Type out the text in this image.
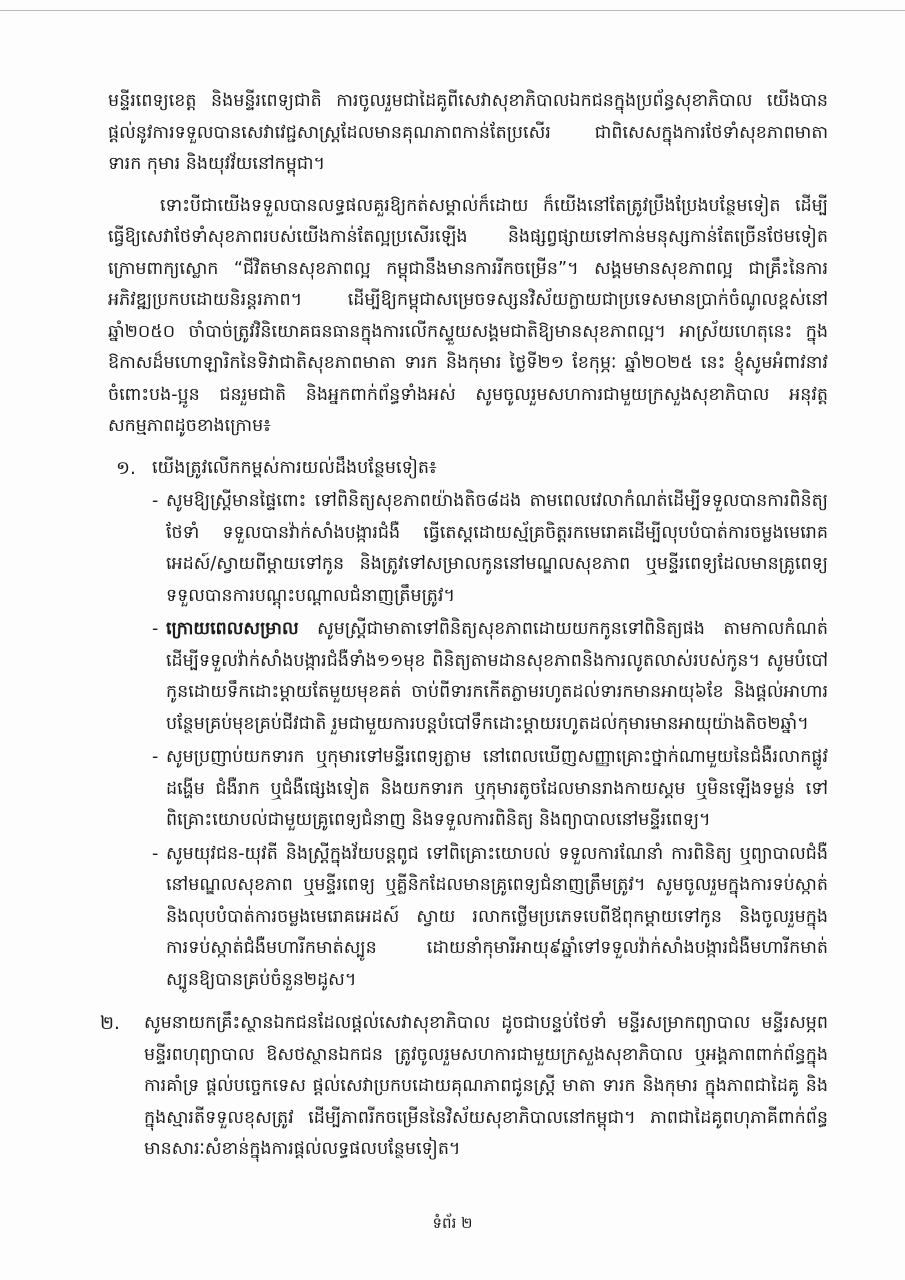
មន្ទីរពេទ្យខេត្ត និងមន្ទីរពេទ្យជាតិ ការចូលរួមជាដៃគូពីសេវាសុខាភិបាលឯកជនក្នុងប្រព័ន្ធសុខាភិបាល យើងបានផ្តល់នូវការទទួលបានសេវាវេជ្ជសាស្ត្រដែលមានគុណភាពកាន់តែប្រសើរ ជាពិសេសក្នុងការថែទាំសុខភាពមាតា ទារក កុមារ និងយុវវ័យនៅកម្ពុជា។

ទោះបីជាយើងទទួលបានលទ្ធផលគួរឱ្យកត់សម្គាល់ក៏ដោយ ក៏យើងនៅតែត្រូវប្រឹងប្រែងបន្ថែមទៀត ដើម្បីធ្វើឱ្យសេវាថែទាំសុខភាពរបស់យើងកាន់តែល្អប្រសើរឡើង និងផ្សព្វផ្សាយទៅកាន់មនុស្សកាន់តែច្រើនថែមទៀត ក្រោមពាក្យស្លោក “ជីវិតមានសុខភាពល្អ កម្ពុជានឹងមានការរីកចម្រើន”។ សង្គមមានសុខភាពល្អ ជាគ្រឹះនៃការអភិវឌ្ឍប្រកបដោយនិរន្តរភាព។ ដើម្បីឱ្យកម្ពុជាសម្រេចទស្សនវិស័យក្លាយជាប្រទេសមានប្រាក់ចំណូលខ្ពស់នៅឆ្នាំ២០៥០ ចាំបាច់ត្រូវវិនិយោគធនធានក្នុងការលើកស្ទួយសង្គមជាតិឱ្យមានសុខភាពល្អ។ អាស្រ័យហេតុនេះ ក្នុងឱកាសដ៏មហោឡារិកនៃទិវាជាតិសុខភាពមាតា ទារក និងកុមារ ថ្ងៃទី២១ ខែកុម្ភៈ ឆ្នាំ២០២៥ នេះ ខ្ញុំសូមអំពាវនាវចំពោះបង-ប្អូន ជនរួមជាតិ និងអ្នកពាក់ព័ន្ធទាំងអស់ សូមចូលរួមសហការជាមួយក្រសួងសុខាភិបាល អនុវត្តសកម្មភាពដូចខាងក្រោម៖

១. យើងត្រូវលើកកម្ពស់ការយល់ដឹងបន្ថែមទៀត៖

- សូមឱ្យស្ត្រីមានផ្ទៃពោះ ទៅពិនិត្យសុខភាពយ៉ាងតិច៨ដង តាមពេលវេលាកំណត់ដើម្បីទទួលបានការពិនិត្យថែទាំ ទទួលបានវ៉ាក់សាំងបង្ការជំងឺ ធ្វើតេស្តដោយស្ម័គ្រចិត្តរកមេរោគដើម្បីលុបបំបាត់ការចម្លងមេរោគអេដស៍/ស្វាយពីម្តាយទៅកូន និងត្រូវទៅសម្រាលកូននៅមណ្ឌលសុខភាព ឬមន្ទីរពេទ្យដែលមានគ្រូពេទ្យទទួលបានការបណ្តុះបណ្តាលជំនាញត្រឹមត្រូវ។
- ក្រោយពេលសម្រាល សូមស្ត្រីជាមាតាទៅពិនិត្យសុខភាពដោយយកកូនទៅពិនិត្យផង តាមកាលកំណត់ ដើម្បីទទួលវ៉ាក់សាំងបង្ការជំងឺទាំង១១មុខ ពិនិត្យតាមដានសុខភាពនិងការលូតលាស់របស់កូន។ សូមបំបៅកូនដោយទឹកដោះម្តាយតែមួយមុខគត់ ចាប់ពីទារកកើតភ្លាមរហូតដល់ទារកមានអាយុ៦ខែ និងផ្តល់អាហារបន្ថែមគ្រប់មុខគ្រប់ជីវជាតិ រួមជាមួយការបន្តបំបៅទឹកដោះម្តាយរហូតដល់កុមារមានអាយុយ៉ាងតិច២ឆ្នាំ។
- សូមប្រញាប់យកទារក ឬកុមារទៅមន្ទីរពេទ្យភ្លាម នៅពេលឃើញសញ្ញាគ្រោះថ្នាក់ណាមួយនៃជំងឺរលាកផ្លូវដង្ហើម ជំងឺរាក ឬជំងឺផ្សេងទៀត និងយកទារក ឬកុមារតូចដែលមានរាងកាយស្គម ឬមិនឡើងទម្ងន់ ទៅពិគ្រោះយោបល់ជាមួយគ្រូពេទ្យជំនាញ និងទទួលការពិនិត្យ និងព្យាបាលនៅមន្ទីរពេទ្យ។
- សូមយុវជន-យុវតី និងស្ត្រីក្នុងវ័យបន្តពូជ ទៅពិគ្រោះយោបល់ ទទួលការណែនាំ ការពិនិត្យ ឬព្យាបាលជំងឺនៅមណ្ឌលសុខភាព ឬមន្ទីរពេទ្យ ឬគ្លីនិកដែលមានគ្រូពេទ្យជំនាញត្រឹមត្រូវ។ សូមចូលរួមក្នុងការទប់ស្កាត់ និងលុបបំបាត់ការចម្លងមេរោគអេដស៍ ស្វាយ រលាកថ្លើមប្រភេទបេពីឪពុកម្តាយទៅកូន និងចូលរួមក្នុងការទប់ស្កាត់ជំងឺមហារីកមាត់ស្បូន ដោយនាំកុមារីអាយុ៩ឆ្នាំទៅទទួលវ៉ាក់សាំងបង្ការជំងឺមហារីកមាត់ស្បូនឱ្យបានគ្រប់ចំនួន២ដូស។
២.	សូមនាយកគ្រឹះស្ថានឯកជនដែលផ្តល់សេវាសុខាភិបាល ដូចជាបន្ទប់ថែទាំ មន្ទីរសម្រាកព្យាបាល មន្ទីរសម្ភព មន្ទីរពហុព្យាបាល ឱសថស្ថានឯកជន ត្រូវចូលរួមសហការជាមួយក្រសួងសុខាភិបាល ឬអង្គភាពពាក់ព័ន្ធក្នុងការគាំទ្រ ផ្តល់បច្ចេកទេស ផ្តល់សេវាប្រកបដោយគុណភាពជូនស្ត្រី មាតា ទារក និងកុមារ ក្នុងភាពជាដៃគូ និងក្នុងស្មារតីទទួលខុសត្រូវ ដើម្បីភាពរីកចម្រើននៃវិស័យសុខាភិបាលនៅកម្ពុជា។ ភាពជាដៃគូពហុភាគីពាក់ព័ន្ធមានសារៈសំខាន់ក្នុងការផ្តល់លទ្ធផលបន្ថែមទៀត។

ទំព័រ ២
